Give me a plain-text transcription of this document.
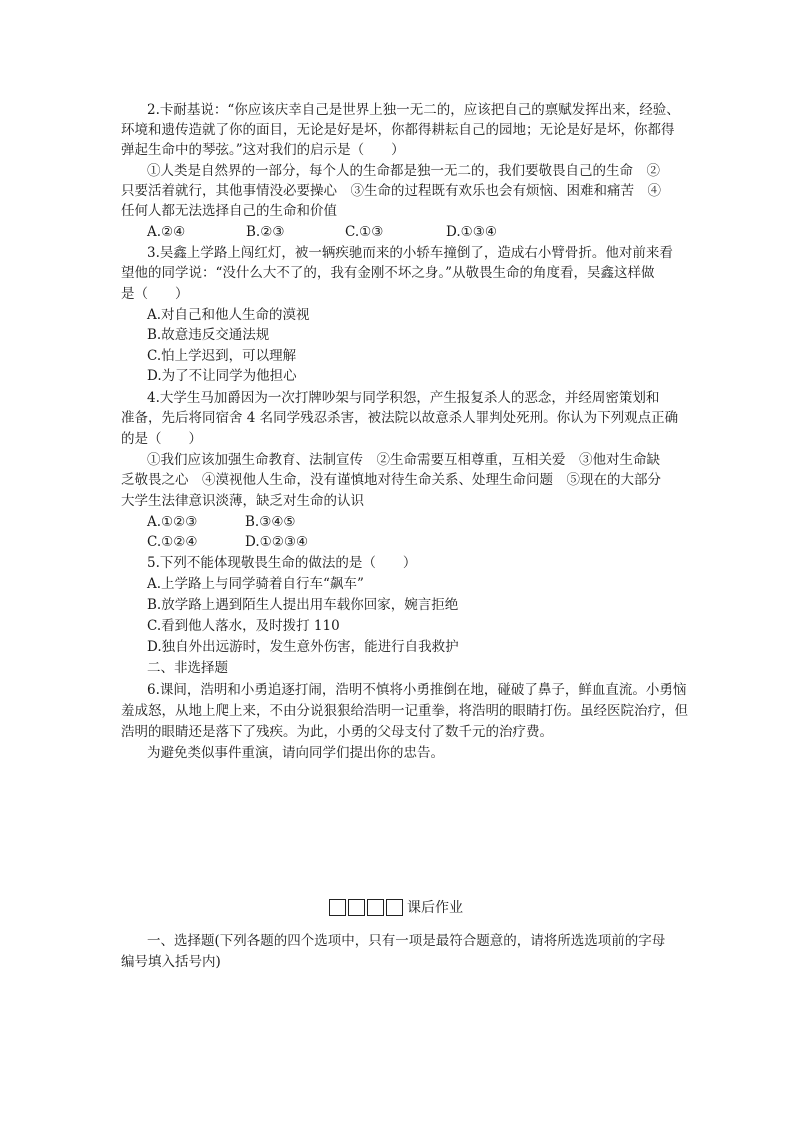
2.卡耐基说：“你应该庆幸自己是世界上独一无二的，应该把自己的禀赋发挥出来，经验、
环境和遗传造就了你的面目，无论是好是坏，你都得耕耘自己的园地；无论是好是坏，你都得
弹起生命中的琴弦。”这对我们的启示是（　　）
①人类是自然界的一部分，每个人的生命都是独一无二的，我们要敬畏自己的生命　②
只要活着就行，其他事情没必要操心　③生命的过程既有欢乐也会有烦恼、困难和痛苦　④
任何人都无法选择自己的生命和价值
A.②④	B.②③	C.①③	D.①③④
3.吴鑫上学路上闯红灯，被一辆疾驰而来的小轿车撞倒了，造成右小臂骨折。他对前来看
望他的同学说：“没什么大不了的，我有金刚不坏之身。”从敬畏生命的角度看，吴鑫这样做
是（　　）
A.对自己和他人生命的漠视
B.故意违反交通法规
C.怕上学迟到，可以理解
D.为了不让同学为他担心
4.大学生马加爵因为一次打牌吵架与同学积怨，产生报复杀人的恶念，并经周密策划和
准备，先后将同宿舍 4 名同学残忍杀害，被法院以故意杀人罪判处死刑。你认为下列观点正确
的是（　　）
①我们应该加强生命教育、法制宣传　②生命需要互相尊重，互相关爱　③他对生命缺
乏敬畏之心　④漠视他人生命，没有谨慎地对待生命关系、处理生命问题　⑤现在的大部分
大学生法律意识淡薄，缺乏对生命的认识
A.①②③	B.③④⑤
C.①②④	D.①②③④
5.下列不能体现敬畏生命的做法的是（　　）
A.上学路上与同学骑着自行车“飙车”
B.放学路上遇到陌生人提出用车载你回家，婉言拒绝
C.看到他人落水，及时拨打 110
D.独自外出远游时，发生意外伤害，能进行自我救护
二、非选择题
6.课间，浩明和小勇追逐打闹，浩明不慎将小勇推倒在地，碰破了鼻子，鲜血直流。小勇恼
羞成怒，从地上爬上来，不由分说狠狠给浩明一记重拳，将浩明的眼睛打伤。虽经医院治疗，但
浩明的眼睛还是落下了残疾。为此，小勇的父母支付了数千元的治疗费。
为避免类似事件重演，请向同学们提出你的忠告。
课后作业
一、选择题(下列各题的四个选项中，只有一项是最符合题意的，请将所选选项前的字母
编号填入括号内)
